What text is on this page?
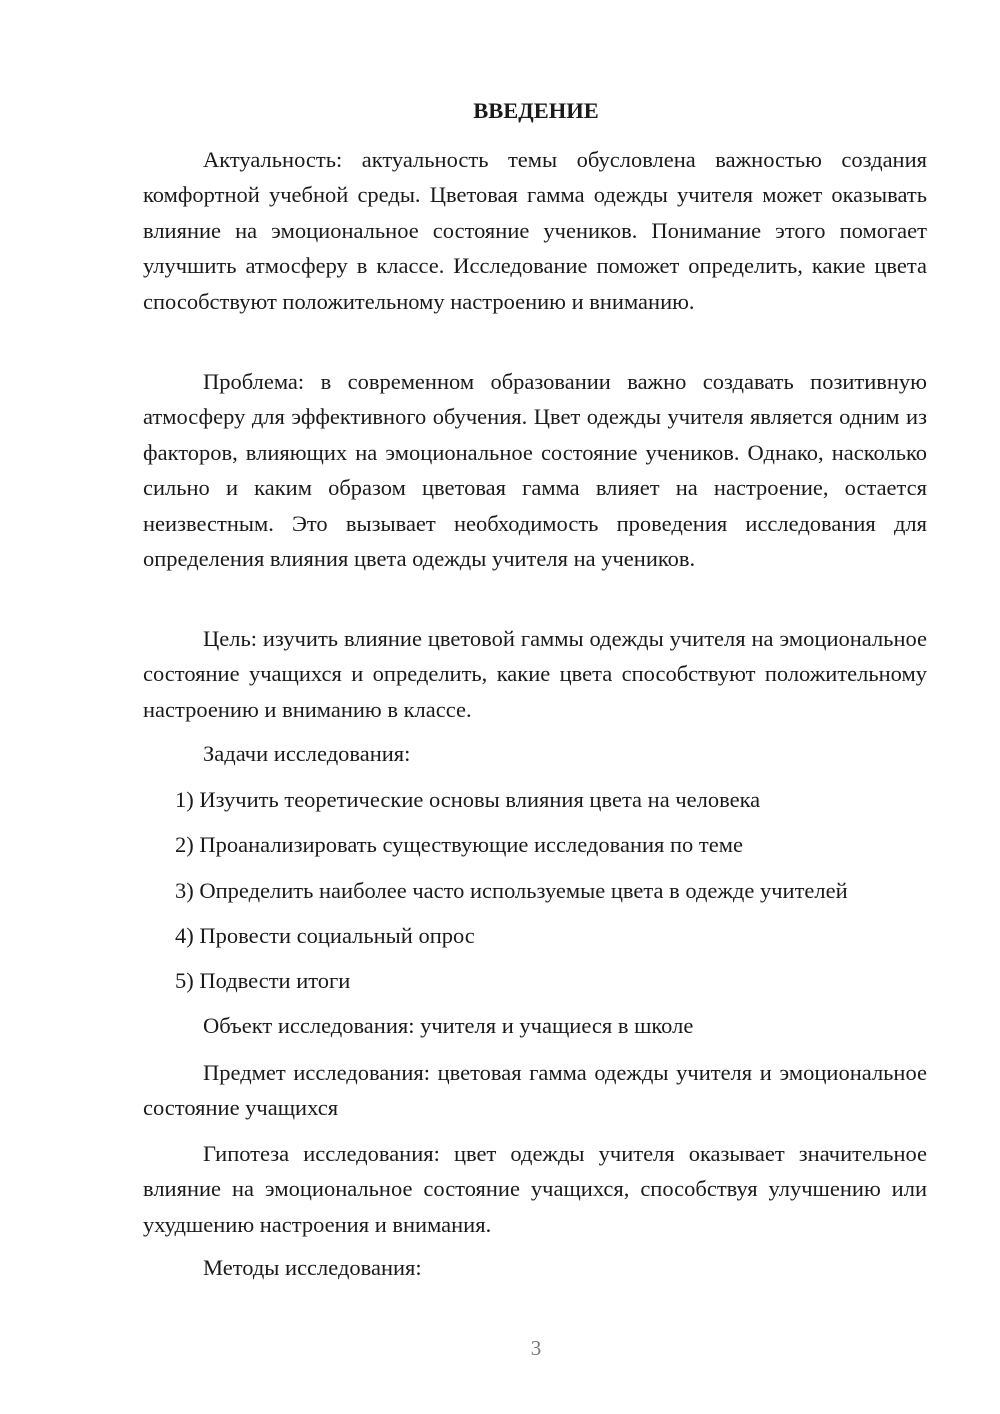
ВВЕДЕНИЕ

Актуальность: актуальность темы обусловлена важностью создания комфортной учебной среды. Цветовая гамма одежды учителя может оказывать влияние на эмоциональное состояние учеников. Понимание этого помогает улучшить атмосферу в классе. Исследование поможет определить, какие цвета способствуют положительному настроению и вниманию.

Проблема: в современном образовании важно создавать позитивную атмосферу для эффективного обучения. Цвет одежды учителя является одним из факторов, влияющих на эмоциональное состояние учеников. Однако, насколько сильно и каким образом цветовая гамма влияет на настроение, остается неизвестным. Это вызывает необходимость проведения исследования для определения влияния цвета одежды учителя на учеников.

Цель: изучить влияние цветовой гаммы одежды учителя на эмоциональное состояние учащихся и определить, какие цвета способствуют положительному настроению и вниманию в классе.

Задачи исследования:
1) Изучить теоретические основы влияния цвета на человека
2) Проанализировать существующие исследования по теме
3) Определить наиболее часто используемые цвета в одежде учителей
4) Провести социальный опрос
5) Подвести итоги
Объект исследования: учителя и учащиеся в школе

Предмет исследования: цветовая гамма одежды учителя и эмоциональное состояние учащихся

Гипотеза исследования: цвет одежды учителя оказывает значительное влияние на эмоциональное состояние учащихся, способствуя улучшению или ухудшению настроения и внимания.

Методы исследования:
3
